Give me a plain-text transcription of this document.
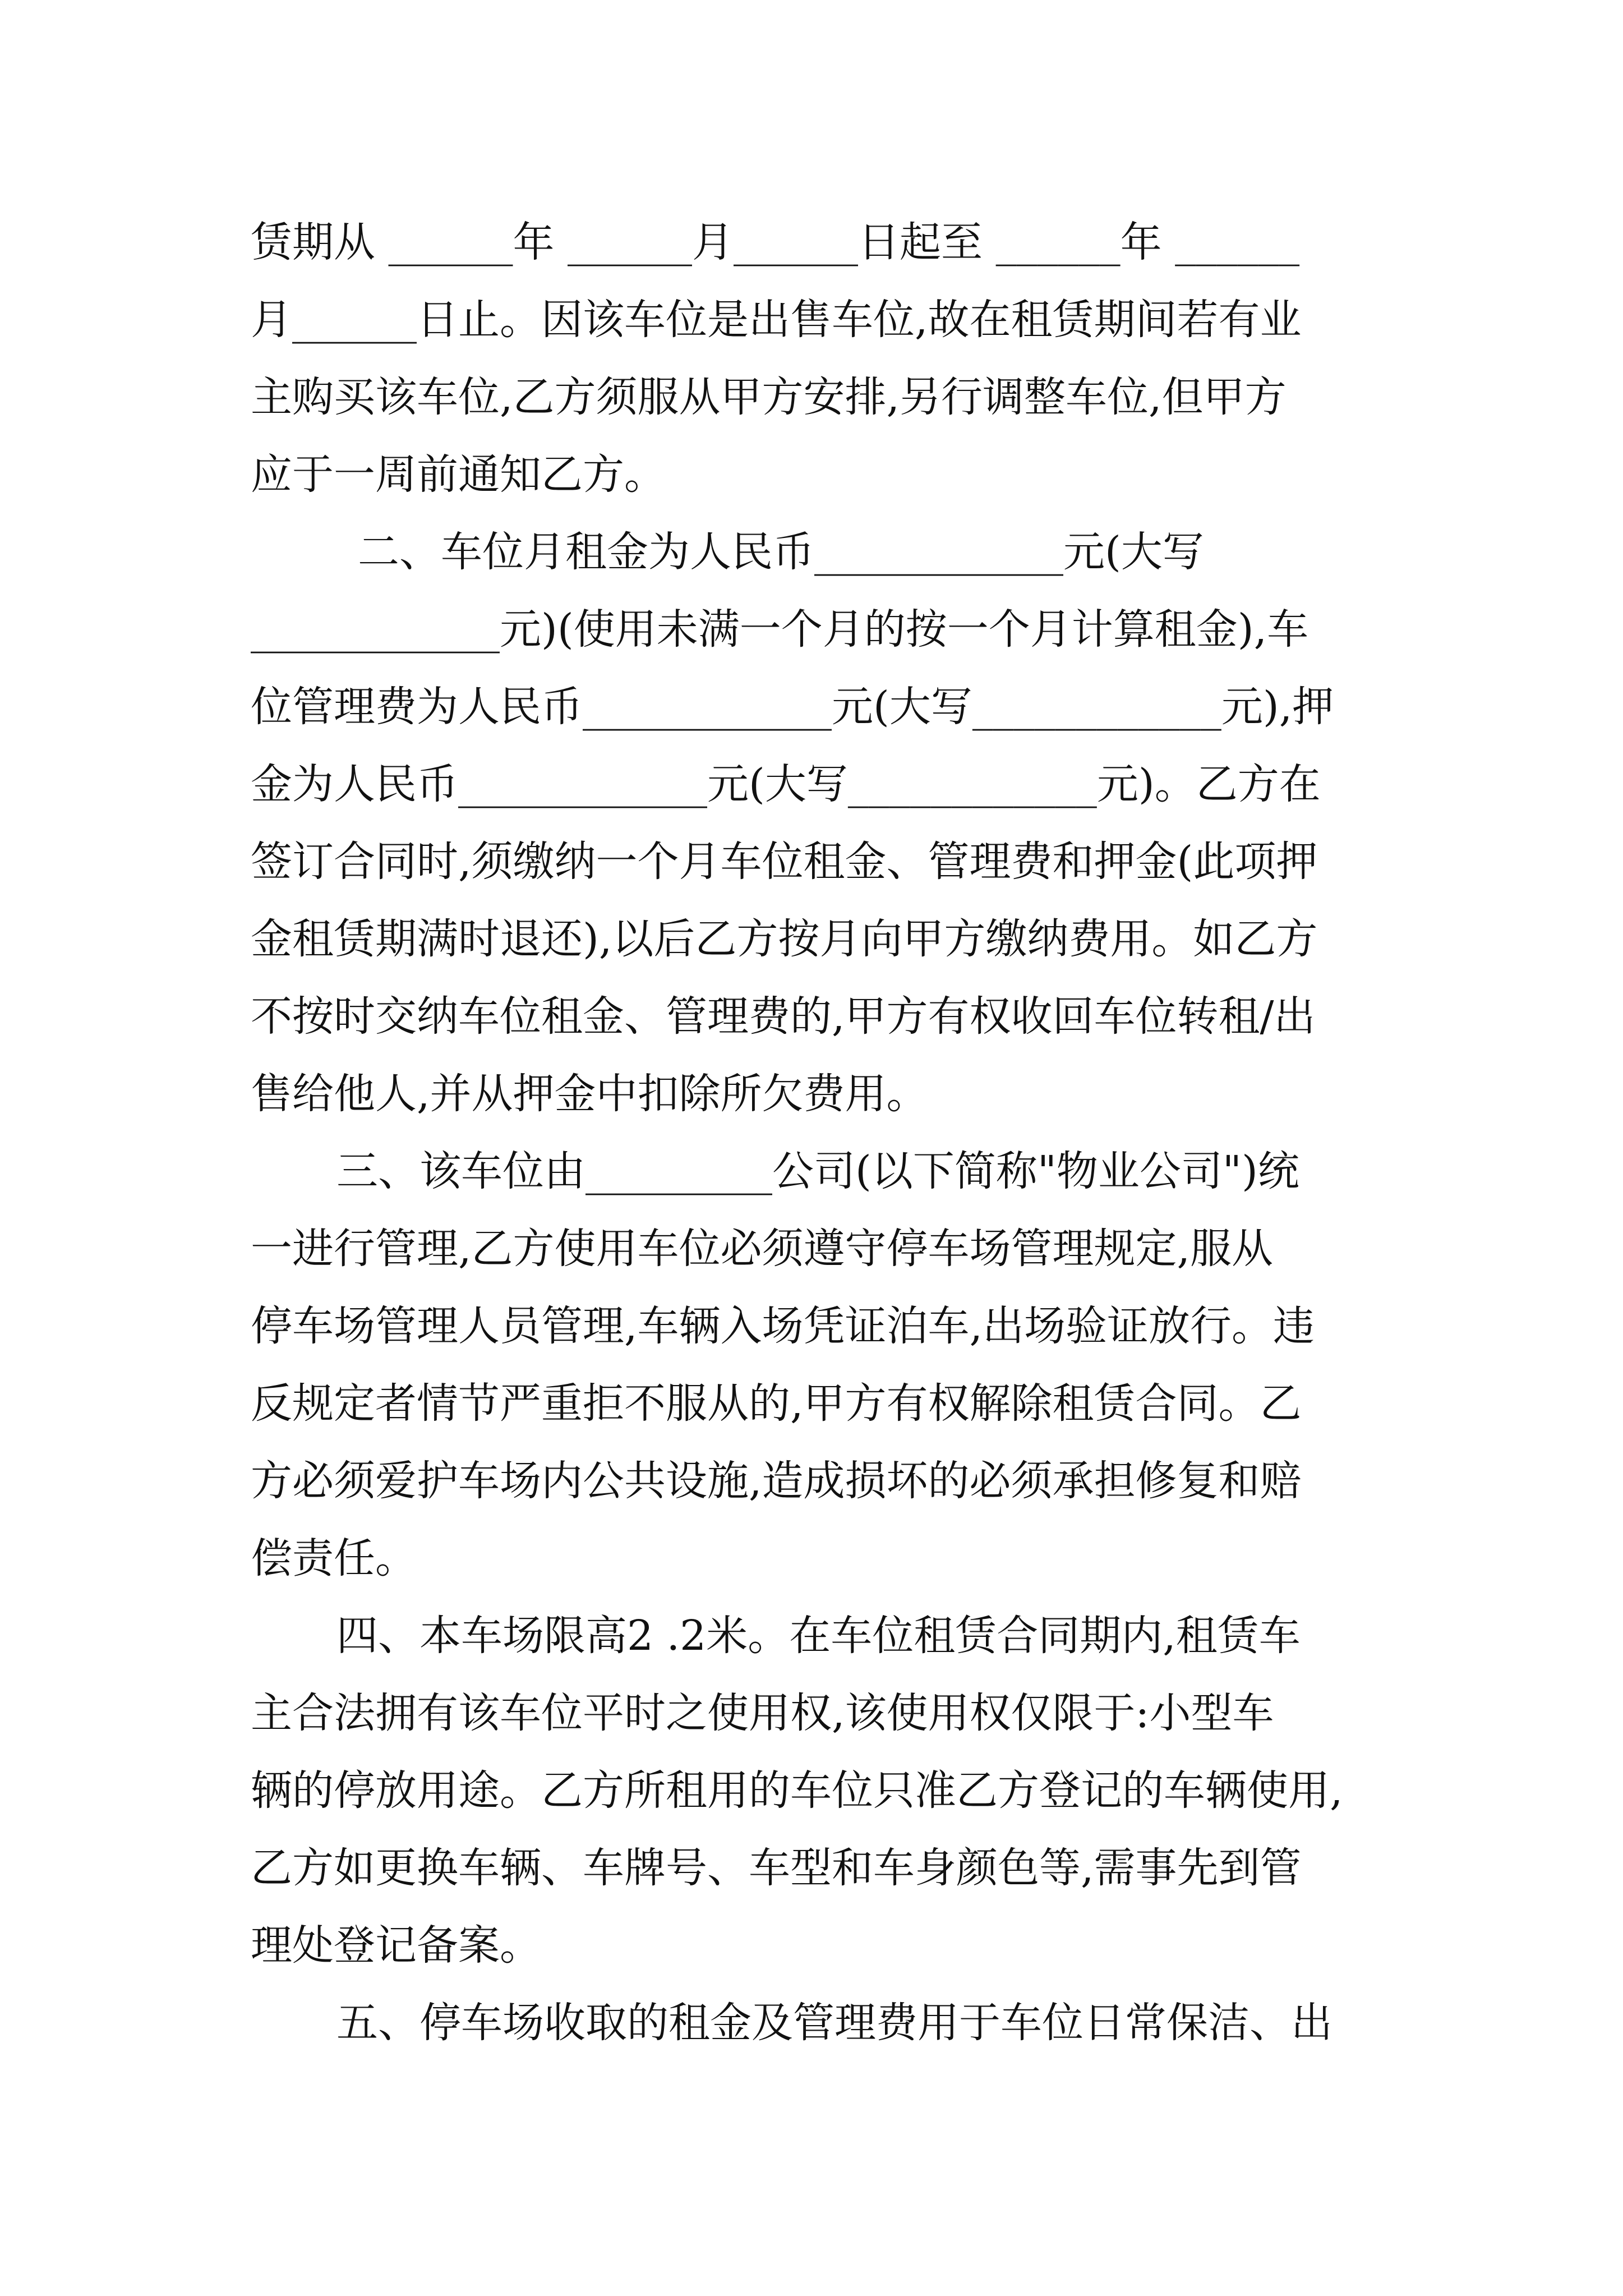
赁期从 ______年 ______月______日起至 ______年 ______
月______日止。因该车位是出售车位,故在租赁期间若有业
主购买该车位,乙方须服从甲方安排,另行调整车位,但甲方
应于一周前通知乙方。
二、车位月租金为人民币____________元(大写
____________元)(使用未满一个月的按一个月计算租金),车
位管理费为人民币____________元(大写____________元),押
金为人民币____________元(大写____________元)。乙方在
签订合同时,须缴纳一个月车位租金、管理费和押金(此项押
金租赁期满时退还),以后乙方按月向甲方缴纳费用。如乙方
不按时交纳车位租金、管理费的,甲方有权收回车位转租/出
售给他人,并从押金中扣除所欠费用。
三、该车位由_________公司(以下简称"物业公司")统
一进行管理,乙方使用车位必须遵守停车场管理规定,服从
停车场管理人员管理,车辆入场凭证泊车,出场验证放行。违
反规定者情节严重拒不服从的,甲方有权解除租赁合同。乙
方必须爱护车场内公共设施,造成损坏的必须承担修复和赔
偿责任。
四、本车场限高2 .2米。在车位租赁合同期内,租赁车
主合法拥有该车位平时之使用权,该使用权仅限于:小型车
辆的停放用途。乙方所租用的车位只准乙方登记的车辆使用,
乙方如更换车辆、车牌号、车型和车身颜色等,需事先到管
理处登记备案。
五、停车场收取的租金及管理费用于车位日常保洁、出
